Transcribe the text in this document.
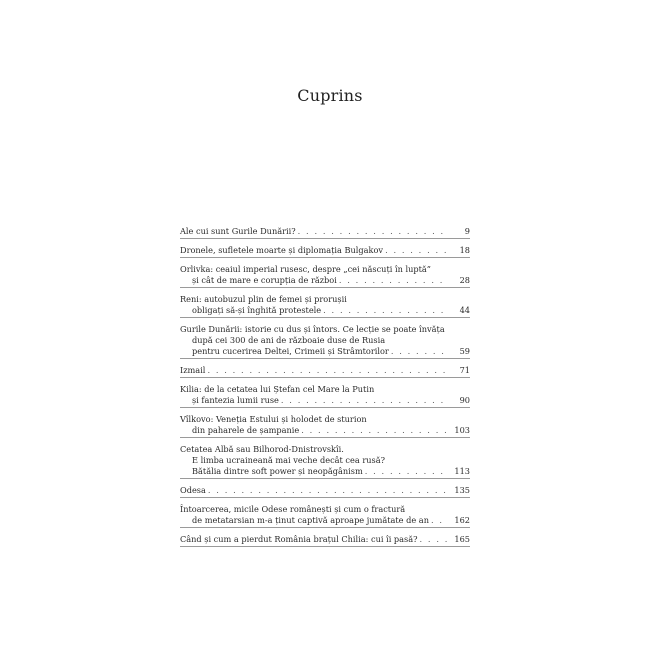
Cuprins
Ale cui sunt Gurile Dunării? . . .	9
Dronele, sufletele moarte și diplomația Bulgakov . . .	18
Orlivka: ceaiul imperial rusesc, despre „cei născuți în luptă”
și cât de mare e corupția de război . . .	28
Reni: autobuzul plin de femei și prorușii
obligați să-și înghită protestele . . .	44
Gurile Dunării: istorie cu dus și întors. Ce lecție se poate învăța
după cei 300 de ani de războaie duse de Rusia
pentru cucerirea Deltei, Crimeii și Strâmtorilor . . .	59
Izmail . . .	71
Kilia: de la cetatea lui Ștefan cel Mare la Putin
și fantezia lumii ruse . . .	90
Vîlkovo: Veneția Estului și holodet de sturion
din paharele de șampanie . . .	103
Cetatea Albă sau Bilhorod-Dnistrovskîi.
E limba ucraineană mai veche decât cea rusă?
Bătălia dintre soft power și neopăgânism . . .	113
Odesa . . .	135
Întoarcerea, micile Odese românești și cum o fractură
de metatarsian m-a ținut captivă aproape jumătate de an . . .	162
Când și cum a pierdut România brațul Chilia: cui îi pasă? . . .	165
